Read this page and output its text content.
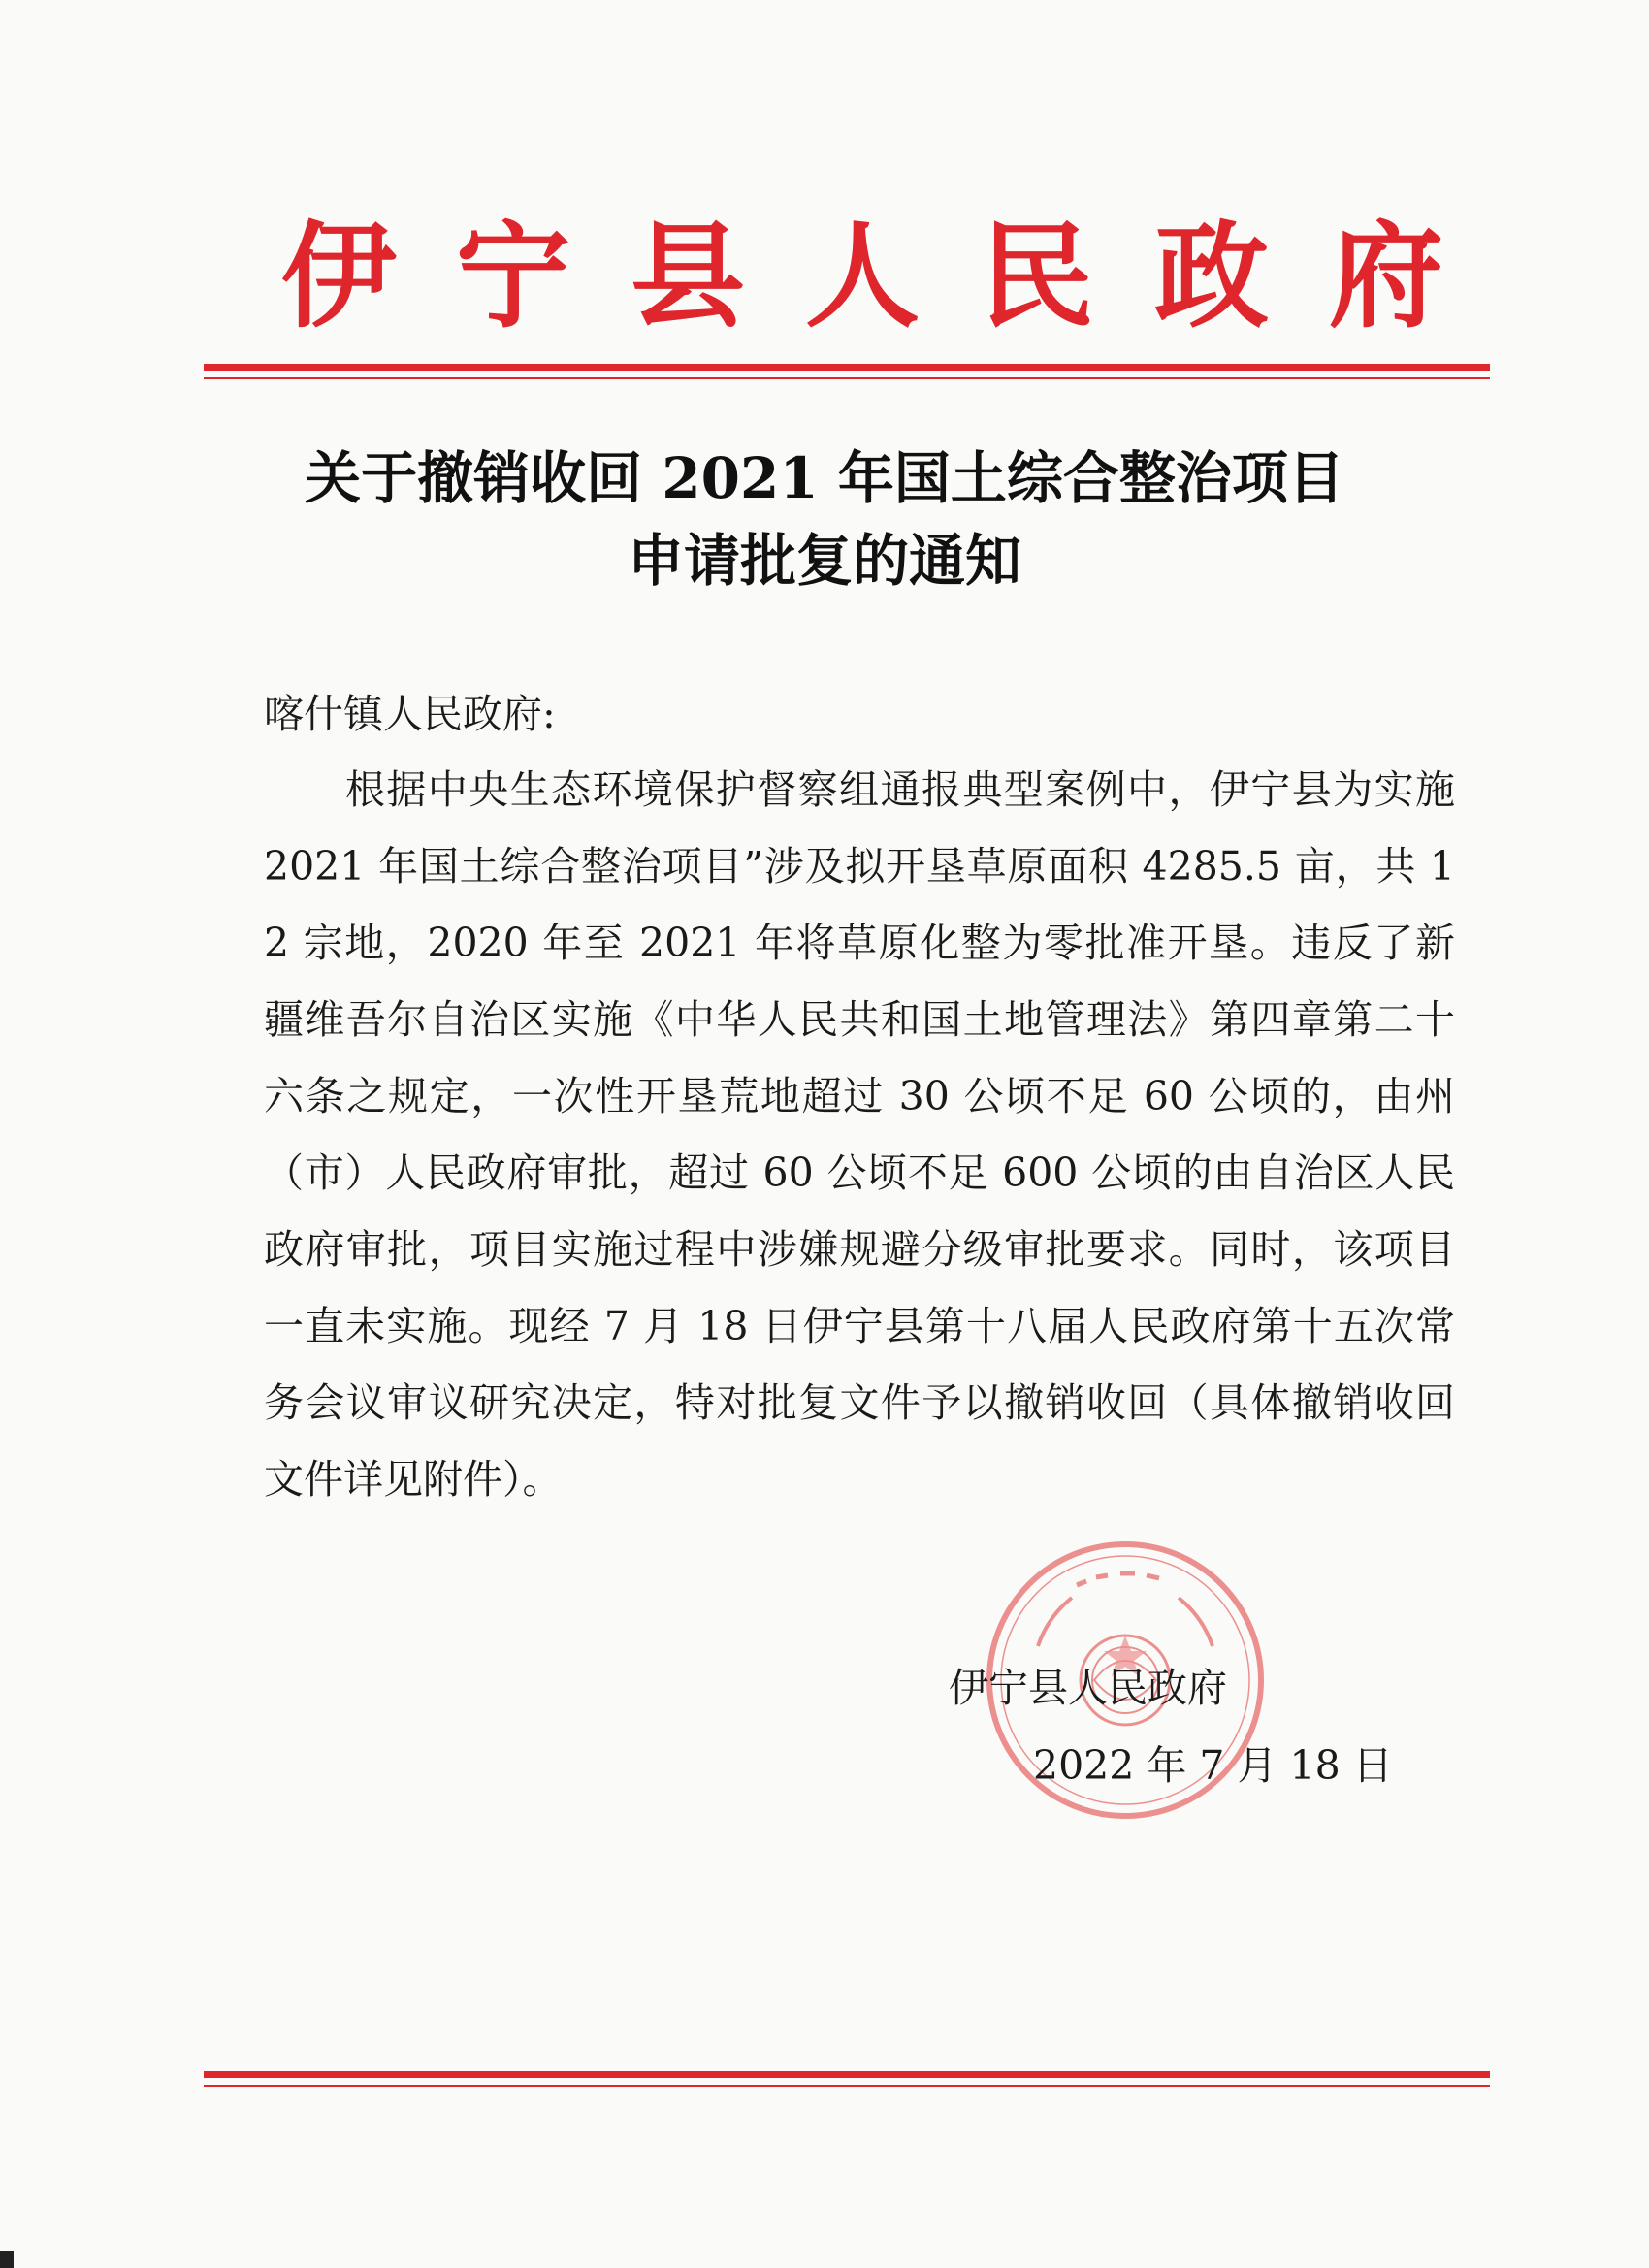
伊宁县人民政府
关于撤销收回 2021 年国土综合整治项目
申请批复的通知
喀什镇人民政府:
根据中央生态环境保护督察组通报典型案例中，伊宁县为实施 2021 年国土综合整治项目”涉及拟开垦草原面积 4285.5 亩，共 12 宗地，2020 年至 2021 年将草原化整为零批准开垦。违反了新疆维吾尔自治区实施《中华人民共和国土地管理法》第四章第二十六条之规定，一次性开垦荒地超过 30 公顷不足 60 公顷的，由州（市）人民政府审批，超过 60 公顷不足 600 公顷的由自治区人民政府审批，项目实施过程中涉嫌规避分级审批要求。同时，该项目一直未实施。现经 7 月 18 日伊宁县第十八届人民政府第十五次常务会议审议研究决定，特对批复文件予以撤销收回（具体撤销收回文件详见附件）。
伊宁县人民政府
2022 年 7 月 18 日
